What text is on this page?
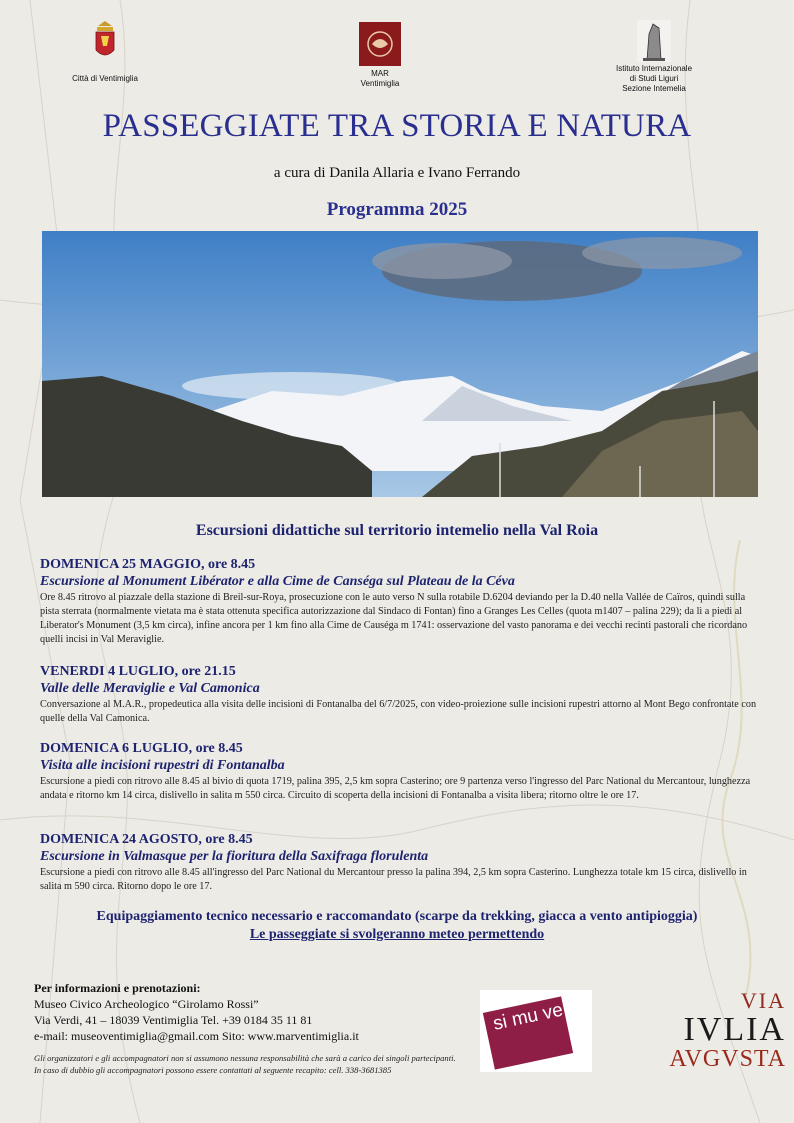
Città di Ventimiglia
MAR
Ventimiglia
Istituto Internazionale
di Studi Liguri
Sezione Intemelia
PASSEGGIATE TRA STORIA E NATURA
a cura di Danila Allaria e Ivano Ferrando
Programma 2025
Escursioni didattiche sul territorio intemelio nella Val Roia
DOMENICA 25 MAGGIO, ore 8.45
Escursione al Monument Libérator e alla Cime de Canséga sul Plateau de la Céva
Ore 8.45 ritrovo al piazzale della stazione di Breil-sur-Roya, prosecuzione con le auto verso N sulla rotabile D.6204 deviando per la D.40 nella Vallée de Caïros, quindi sulla pista sterrata (normalmente vietata ma è stata ottenuta specifica autorizzazione dal Sindaco di Fontan) fino a Granges Les Celles (quota m1407 – palina 229); da lì a piedi al Liberator's Monument (3,5 km circa), infine ancora per 1 km fino alla Cime de Causéga m 1741: osservazione del vasto panorama e dei vecchi recinti pastorali che ricordano quelli incisi in Val Meraviglie.
VENERDI 4 LUGLIO, ore 21.15
Valle delle Meraviglie e Val Camonica
Conversazione al M.A.R., propedeutica alla visita delle incisioni di Fontanalba del 6/7/2025, con video-proiezione sulle incisioni rupestri attorno al Mont Bego confrontate con quelle della Val Camonica.
DOMENICA 6 LUGLIO, ore 8.45
Visita alle incisioni rupestri di Fontanalba
Escursione a piedi con ritrovo alle 8.45 al bivio di quota 1719, palina 395, 2,5 km sopra Casterino; ore 9 partenza verso l'ingresso del Parc National du Mercantour, lunghezza andata e ritorno km 14 circa, dislivello in salita m 550 circa. Circuito di scoperta della incisioni di Fontanalba a visita libera; ritorno oltre le ore 17.
DOMENICA 24 AGOSTO, ore 8.45
Escursione in Valmasque per la fioritura della Saxifraga florulenta
Escursione a piedi con ritrovo alle 8.45 all'ingresso del Parc National du Mercantour presso la palina 394, 2,5 km sopra Casterino. Lunghezza totale km 15 circa, dislivello in salita m 590 circa. Ritorno dopo le ore 17.
Equipaggiamento tecnico necessario e raccomandato (scarpe da trekking, giacca a vento antipioggia)
Le passeggiate si svolgeranno meteo permettendo
Per informazioni e prenotazioni:
Museo Civico Archeologico “Girolamo Rossi”
Via Verdi, 41 – 18039 Ventimiglia Tel. +39 0184 35 11 81
e-mail: museoventimiglia@gmail.com Sito: www.marventimiglia.it
Gli organizzatori e gli accompagnatori non si assumono nessuna responsabilità che sarà a carico dei singoli partecipanti. In caso di dubbio gli accompagnatori possono essere contattati al seguente recapito: cell. 338-3681385
si mu ve	VIA
IVLIA
AVGVSTA
